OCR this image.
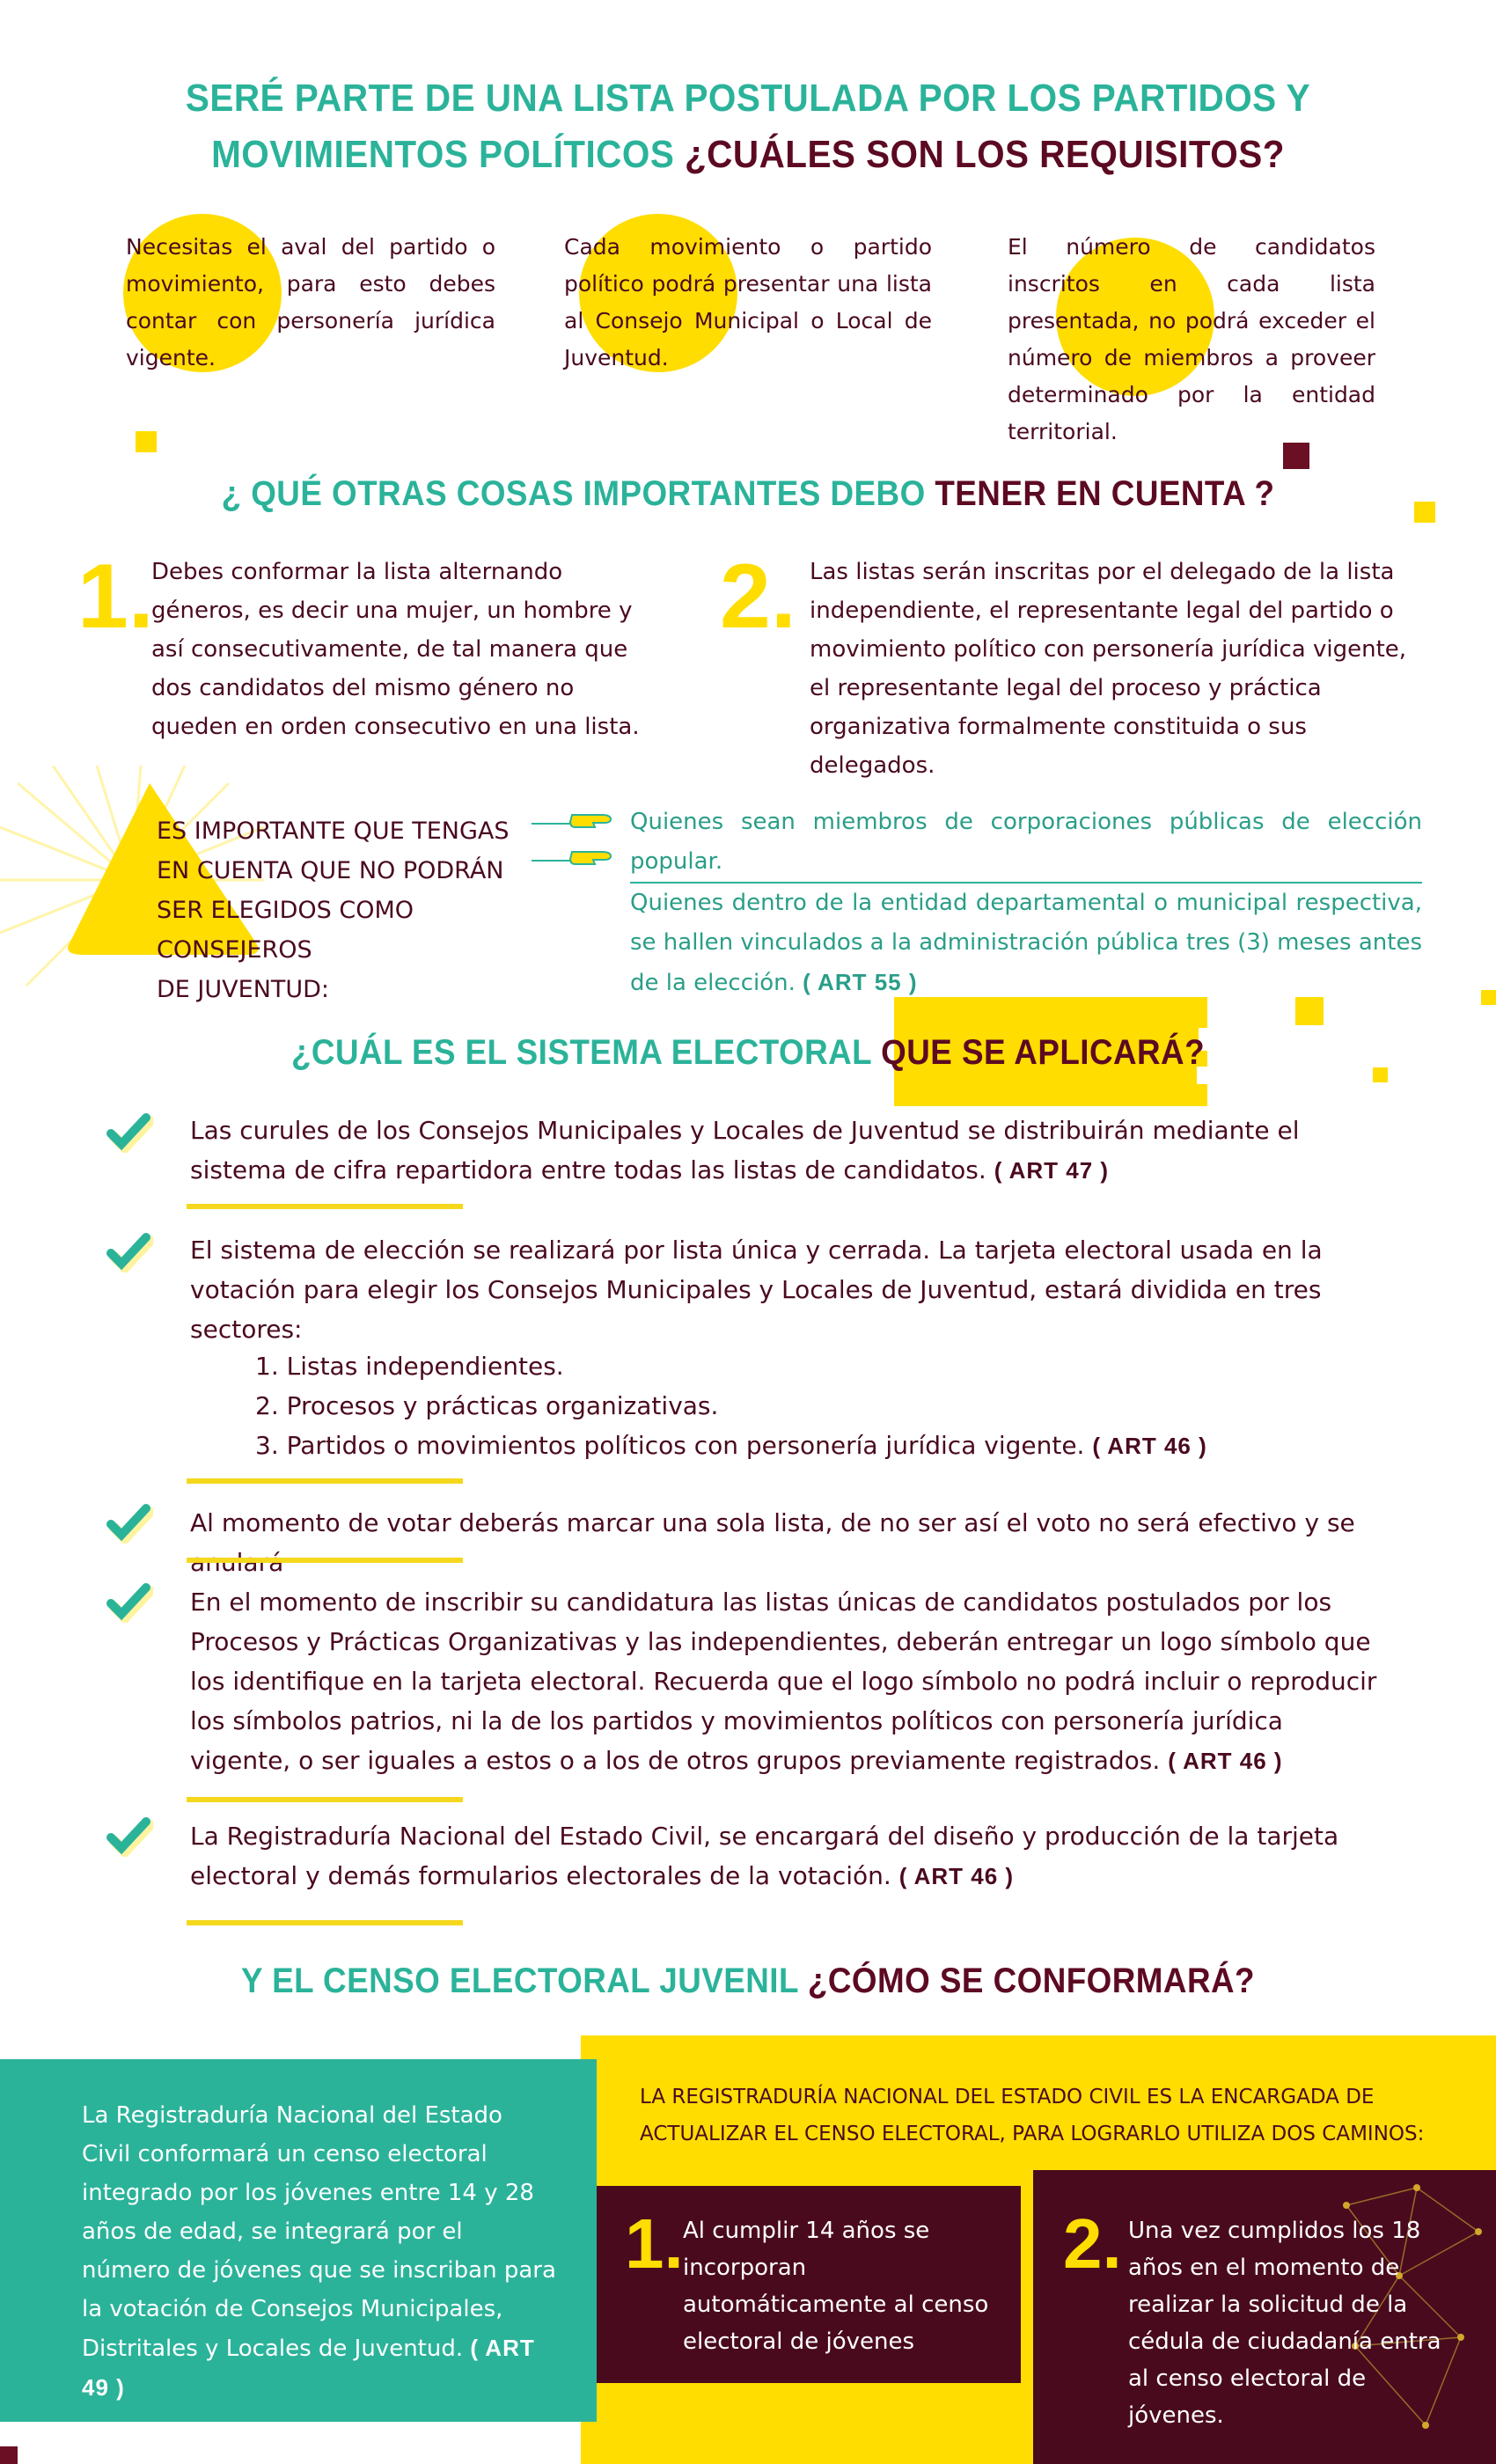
SERÉ PARTE DE UNA LISTA POSTULADA POR LOS PARTIDOS Y
MOVIMIENTOS POLÍTICOS ¿CUÁLES SON LOS REQUISITOS?
Necesitas el aval del partido o movimiento, para esto debes contar con personería jurídica vigente.
Cada movimiento o partido político podrá presentar una lista al Consejo Municipal o Local de Juventud.
El número de candidatos inscritos en cada lista presentada, no podrá exceder el número de miembros a proveer determinado por la entidad territorial.
¿ QUÉ OTRAS COSAS IMPORTANTES DEBO TENER EN CUENTA ?
1.
Debes conformar la lista alternando géneros, es decir una mujer, un hombre y así consecutivamente, de tal manera que dos candidatos del mismo género no queden en orden consecutivo en una lista.
2. Las listas serán inscritas por el delegado de la lista independiente, el representante legal del partido o movimiento político con personería jurídica vigente, el representante legal del proceso y práctica organizativa formalmente constituida o sus delegados.
ES IMPORTANTE QUE TENGAS
EN CUENTA QUE NO PODRÁN
SER ELEGIDOS COMO CONSEJEROS
DE JUVENTUD:
Quienes sean miembros de corporaciones públicas de elección popular.
Quienes dentro de la entidad departamental o municipal respectiva, se hallen vinculados a la administración pública tres (3) meses antes de la elección. ( ART 55 )
¿CUÁL ES EL SISTEMA ELECTORAL QUE SE APLICARÁ?
Las curules de los Consejos Municipales y Locales de Juventud se distribuirán mediante el sistema de cifra repartidora entre todas las listas de candidatos. ( ART 47 )
El sistema de elección se realizará por lista única y cerrada. La tarjeta electoral usada en la votación para elegir los Consejos Municipales y Locales de Juventud, estará dividida en tres sectores:
1. Listas independientes.
2. Procesos y prácticas organizativas.
3. Partidos o movimientos políticos con personería jurídica vigente. ( ART 46 )
Al momento de votar deberás marcar una sola lista, de no ser así el voto no será efectivo y se
En el momento de inscribir su candidatura las listas únicas de candidatos postulados por los Procesos y Prácticas Organizativas y las independientes, deberán entregar un logo símbolo que los identifique en la tarjeta electoral. Recuerda que el logo símbolo no podrá incluir o reproducir los símbolos patrios, ni la de los partidos y movimientos políticos con personería jurídica vigente, o ser iguales a estos o a los de otros grupos previamente registrados. ( ART 46 )
La Registraduría Nacional del Estado Civil, se encargará del diseño y producción de la tarjeta electoral y demás formularios electorales de la votación. ( ART 46 )
Y EL CENSO ELECTORAL JUVENIL ¿CÓMO SE CONFORMARÁ?
La Registraduría Nacional del Estado Civil conformará un censo electoral integrado por los jóvenes entre 14 y 28 años de edad, se integrará por el número de jóvenes que se inscriban para la votación de Consejos Municipales, Distritales y Locales de Juventud. ( ART 49 )
LA REGISTRADURÍA NACIONAL DEL ESTADO CIVIL ES LA ENCARGADA DE ACTUALIZAR EL CENSO ELECTORAL, PARA LOGRARLO UTILIZA DOS CAMINOS:
1. Al cumplir 14 años se incorporan automáticamente al censo electoral de jóvenes
2. Una vez cumplidos los 18 años en el momento de realizar la solicitud de la cédula de ciudadanía entra al censo electoral de jóvenes.
